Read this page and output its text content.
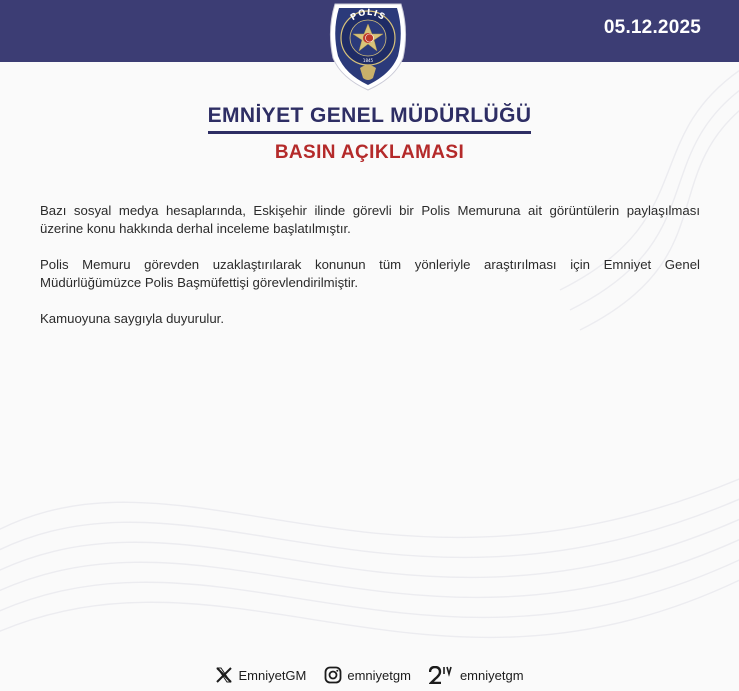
05.12.2025
POLIS
1845
EMNİYET GENEL MÜDÜRLÜĞÜ
BASIN AÇIKLAMASI

Bazı sosyal medya hesaplarında, Eskişehir ilinde görevli bir Polis Memuruna ait görüntülerin paylaşılması üzerine konu hakkında derhal inceleme başlatılmıştır.

Polis Memuru görevden uzaklaştırılarak konunun tüm yönleriyle araştırılması için Emniyet Genel Müdürlüğümüzce Polis Başmüfettişi görevlendirilmiştir.

Kamuoyuna saygıyla duyurulur.

EmniyetGM	emniyetgm	emniyetgm
